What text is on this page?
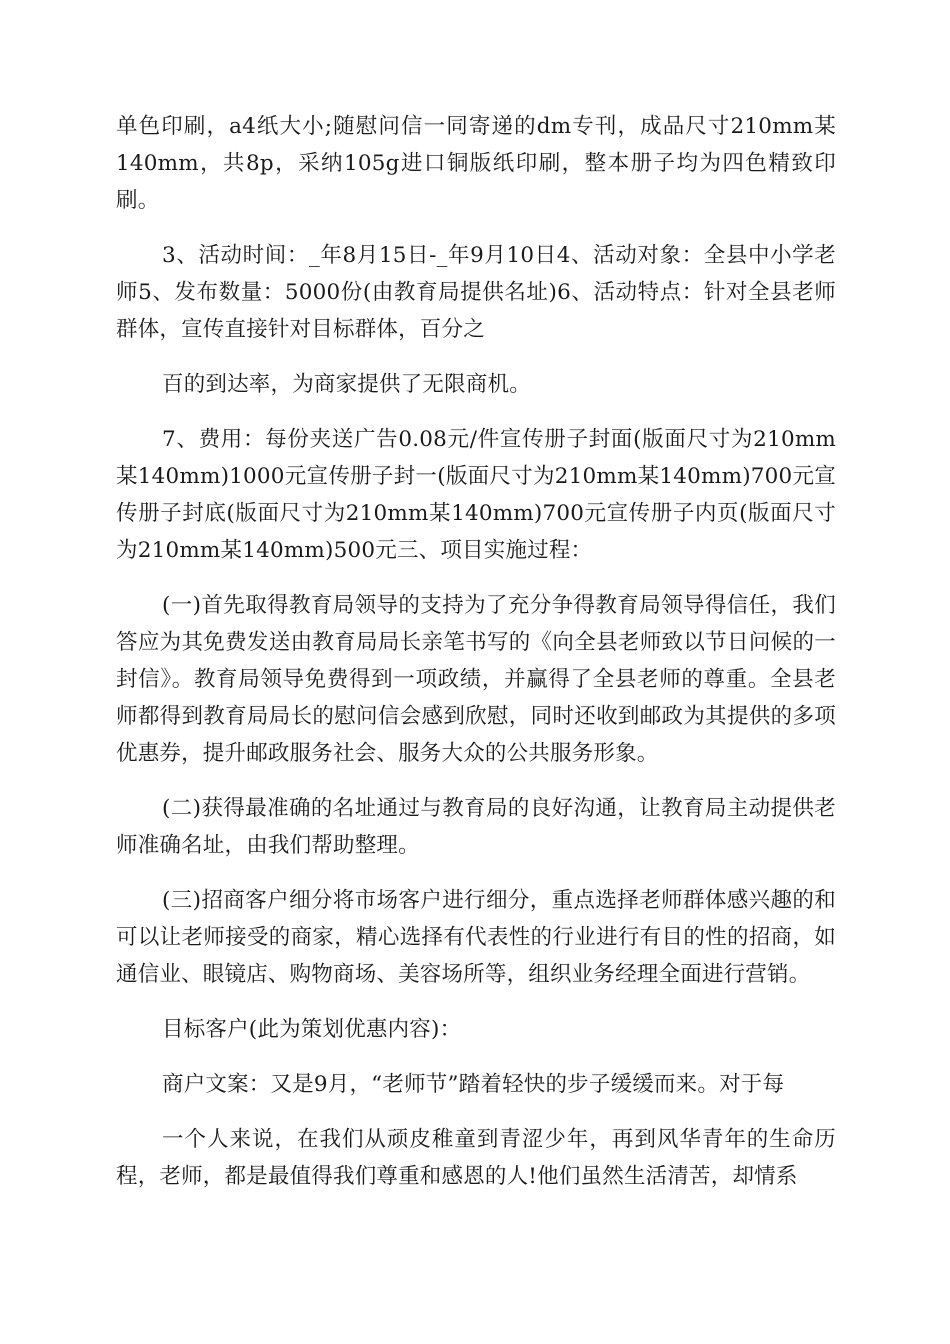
单色印刷，a4纸大小;随慰问信一同寄递的dm专刊，成品尺寸210mm某140mm，共8p，采纳105g进口铜版纸印刷，整本册子均为四色精致印刷。

3、活动时间：_年8月15日-_年9月10日4、活动对象：全县中小学老师5、发布数量：5000份(由教育局提供名址)6、活动特点：针对全县老师群体，宣传直接针对目标群体，百分之

百的到达率，为商家提供了无限商机。

7、费用：每份夹送广告0.08元/件宣传册子封面(版面尺寸为210mm某140mm)1000元宣传册子封一(版面尺寸为210mm某140mm)700元宣传册子封底(版面尺寸为210mm某140mm)700元宣传册子内页(版面尺寸为210mm某140mm)500元三、项目实施过程：

(一)首先取得教育局领导的支持为了充分争得教育局领导得信任，我们答应为其免费发送由教育局局长亲笔书写的《向全县老师致以节日问候的一封信》。教育局领导免费得到一项政绩，并赢得了全县老师的尊重。全县老师都得到教育局局长的慰问信会感到欣慰，同时还收到邮政为其提供的多项优惠券，提升邮政服务社会、服务大众的公共服务形象。

(二)获得最准确的名址通过与教育局的良好沟通，让教育局主动提供老师准确名址，由我们帮助整理。

(三)招商客户细分将市场客户进行细分，重点选择老师群体感兴趣的和可以让老师接受的商家，精心选择有代表性的行业进行有目的性的招商，如通信业、眼镜店、购物商场、美容场所等，组织业务经理全面进行营销。

目标客户(此为策划优惠内容)：

商户文案：又是9月，“老师节”踏着轻快的步子缓缓而来。对于每

一个人来说，在我们从顽皮稚童到青涩少年，再到风华青年的生命历程，老师，都是最值得我们尊重和感恩的人!他们虽然生活清苦，却情系
